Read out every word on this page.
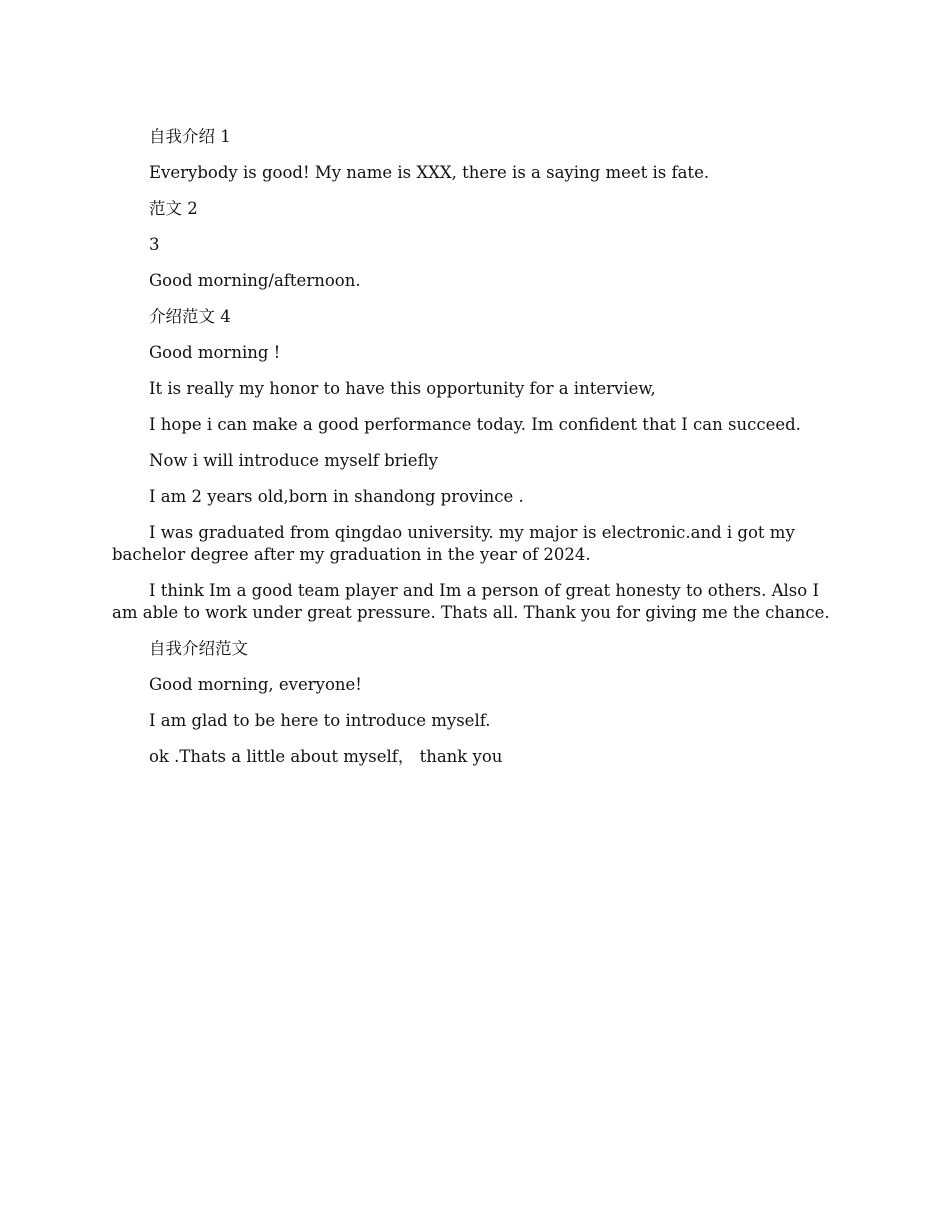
自我介绍 1

Everybody is good! My name is XXX, there is a saying meet is fate.

范文 2

3

Good morning/afternoon.

介绍范文 4

Good morning !

It is really my honor to have this opportunity for a interview,

I hope i can make a good performance today. Im confident that I can succeed.

Now i will introduce myself briefly

I am 2 years old,born in shandong province .

I was graduated from qingdao university. my major is electronic.and i got my bachelor degree after my graduation in the year of 2024.

I think Im a good team player and Im a person of great honesty to others. Also I am able to work under great pressure. Thats all. Thank you for giving me the chance.

自我介绍范文

Good morning, everyone!

I am glad to be here to introduce myself.

ok .Thats a little about myself， thank you
